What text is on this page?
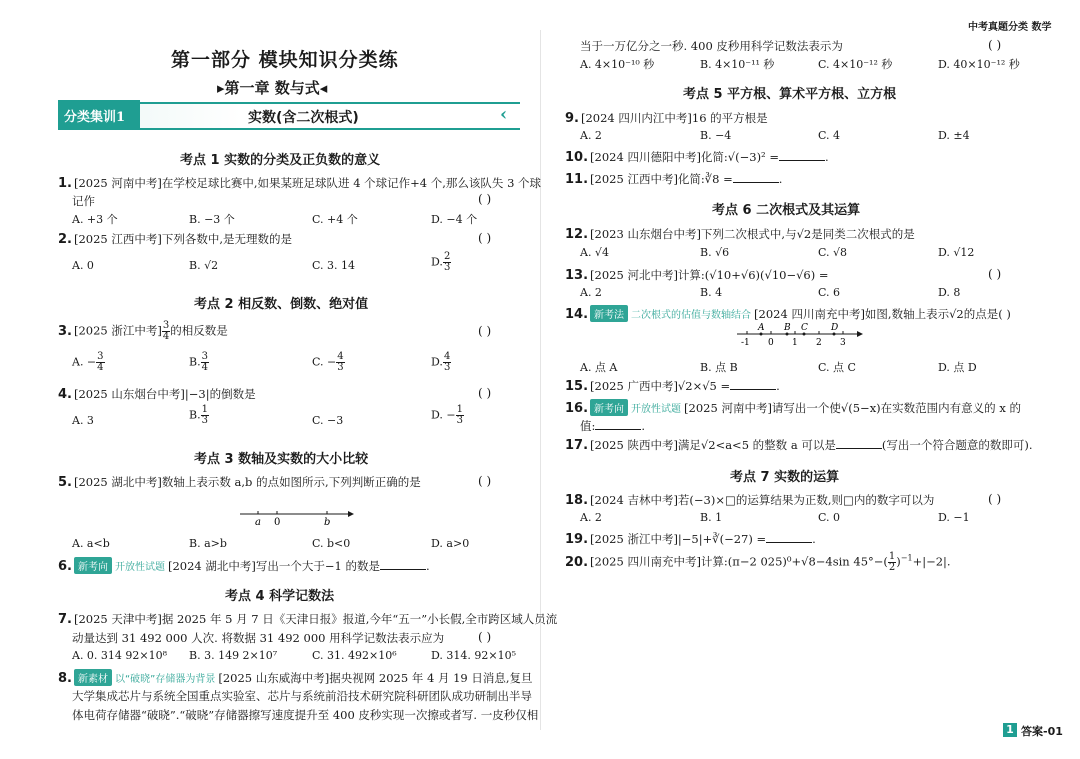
中考真题分类 数学
第一部分 模块知识分类练
▸第一章 数与式◂
分类集训1	实数(含二次根式)	‹
考点 1 实数的分类及正负数的意义
1. [2025 河南中考]在学校足球比赛中,如果某班足球队进 4 个球记作+4 个,那么该队失 3 个球
记作	( )
A. +3 个	B. −3 个	C. +4 个	D. −4 个
2. [2025 江西中考]下列各数中,是无理数的是	( )
A. 0	B. √2	C. 3. 14	D. $\frac{2}{3}$
考点 2 相反数、倒数、绝对值
3. [2025 浙江中考] $\frac{3}{4}$ 的相反数是	( )
A. − $\frac{3}{4}$	B. $\frac{3}{4}$	C. − $\frac{4}{3}$	D. $\frac{4}{3}$
4. [2025 山东烟台中考]|−3|的倒数是	( )
A. 3	B. $\frac{1}{3}$	C. −3	D. − $\frac{1}{3}$
考点 3 数轴及实数的大小比较
5. [2025 湖北中考]数轴上表示数 a,b 的点如图所示,下列判断正确的是	( )
a 0	b
A. a<b	B. a>b	C. b<0	D. a>0
6. 新考向 开放性试题 [2024 湖北中考]写出一个大于−1 的数是	.
考点 4 科学记数法
7. [2025 天津中考]据 2025 年 5 月 7 日《天津日报》报道,今年“五一”小长假,全市跨区域人员流
动量达到 31 492 000 人次. 将数据 31 492 000 用科学记数法表示应为	( )
A. 0. 314 92×10⁸ B. 3. 149 2×10⁷	C. 31. 492×10⁶	D. 314. 92×10⁵
8. 新素材 以“破晓”存储器为背景 [2025 山东威海中考]据央视网 2025 年 4 月 19 日消息,复旦
大学集成芯片与系统全国重点实验室、芯片与系统前沿技术研究院科研团队成功研制出半导
体电荷存储器“破晓”.“破晓”存储器擦写速度提升至 400 皮秒实现一次擦或者写. 一皮秒仅相
当于一万亿分之一秒. 400 皮秒用科学记数法表示为	( )
A. 4×10⁻¹⁰ 秒	B. 4×10⁻¹¹ 秒	C. 4×10⁻¹² 秒	D. 40×10⁻¹² 秒
考点 5 平方根、算术平方根、立方根
9. [2024 四川内江中考]16 的平方根是
A. 2	B. −4	C. 4	D. ±4
10. [2024 四川德阳中考]化简:√(−3)² =	.
11. [2025 江西中考]化简:∛8 =	.
考点 6 二次根式及其运算
12. [2023 山东烟台中考]下列二次根式中,与√2是同类二次根式的是
A. √4	B. √6	C. √8	D. √12
13. [2025 河北中考]计算:(√10+√6)(√10−√6) =	( )
A. 2	B. 4	C. 6	D. 8
14. 新考法 二次根式的估值与数轴结合 [2024 四川南充中考]如图,数轴上表示√2的点是( )
A B C	D
-1 0 1 2 3
A. 点 A	B. 点 B	C. 点 C	D. 点 D
15. [2025 广西中考]√2×√5 =	.
16. 新考向 开放性试题 [2025 河南中考]请写出一个使√(5−x)在实数范围内有意义的 x 的
值:	.
17. [2025 陕西中考]满足√2<a<5 的整数 a 可以是	(写出一个符合题意的数即可).
考点 7 实数的运算
18. [2024 吉林中考]若(−3)×□的运算结果为正数,则□内的数字可以为	( )
A. 2	B. 1	C. 0	D. −1
19. [2025 浙江中考]|−5|+∛(−27) =	.
20. [2025 四川南充中考]计算:(π−2 025)⁰+√8−4sin $45^\circ-( \frac{1}{2} )^{-1}+|-2|$.
1 答案-01
